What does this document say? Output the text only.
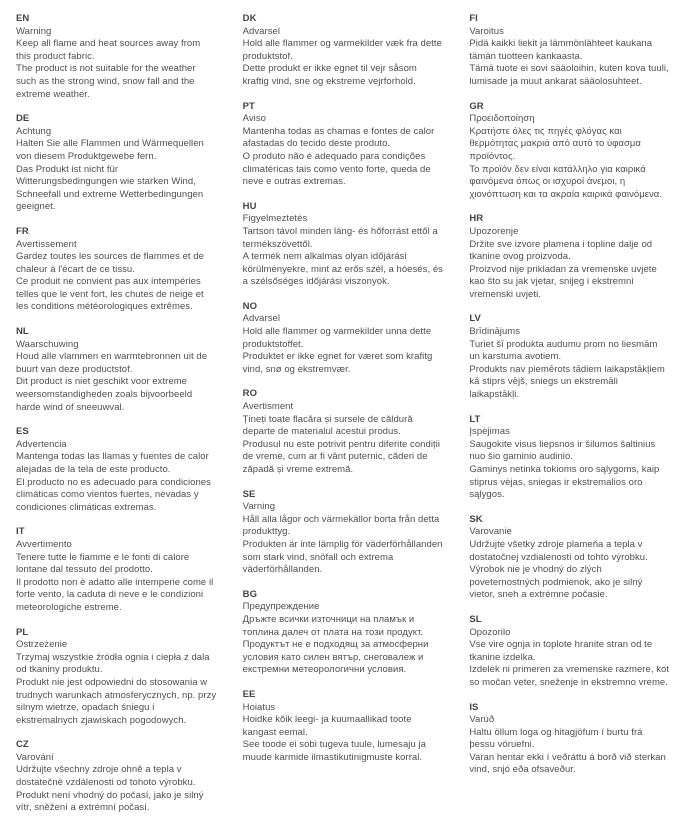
EN
Warning

Keep all flame and heat sources away from this product fabric.

The product is not suitable for the weather such as the strong wind, snow fall and the extreme weather.

DE
Achtung

Halten Sie alle Flammen und Wärmequellen von diesem Produktgewebe fern.

Das Produkt ist nicht für Witterungsbedingungen wie starken Wind, Schneefall und extreme Wetterbedingungen geeignet.

FR
Avertissement

Gardez toutes les sources de flammes et de chaleur à l'écart de ce tissu.

Ce produit ne convient pas aux intempéries telles que le vent fort, les chutes de neige et les conditions météorologiques extrêmes.

NL
Waarschuwing

Houd alle vlammen en warmtebronnen uit de buurt van deze productstof.

Dit product is niet geschikt voor extreme weersomstandigheden zoals bijvoorbeeld harde wind of sneeuwval.

ES
Advertencia

Mantenga todas las llamas y fuentes de calor alejadas de la tela de este producto.

El producto no es adecuado para condiciones climáticas como vientos fuertes, nevadas y condiciones climáticas extremas.

IT
Avvertimento

Tenere tutte le fiamme e le fonti di calore lontane dal tessuto del prodotto.

Il prodotto non è adatto alle intemperie come il forte vento, la caduta di neve e le condizioni meteorologiche estreme.

PL
Ostrzeżenie

Trzymaj wszystkie źródła ognia i ciepła z dala od tkaniny produktu.

Produkt nie jest odpowiedni do stosowania w trudnych warunkach atmosferycznych, np. przy silnym wietrze, opadach śniegu i ekstremalnych zjawiskach pogodowych.

CZ
Varování

Udržujte všechny zdroje ohně a tepla v dostatečné vzdálenosti od tohoto výrobku.

Produkt není vhodný do počasí, jako je silný vítr, sněžení a extrémní počasí.

DK
Advarsel

Hold alle flammer og varmekilder væk fra dette produktstof.

Dette produkt er ikke egnet til vejr såsom kraftig vind, sne og ekstreme vejrforhold.

PT
Aviso

Mantenha todas as chamas e fontes de calor afastadas do tecido deste produto.

O produto não é adequado para condições climatéricas tais como vento forte, queda de neve e outras extremas.

HU
Figyelmeztetés

Tartson távol minden láng- és hőforrást ettől a termékszövettől.

A termék nem alkalmas olyan időjárási körülményekre, mint az erős szél, a hóesés, és a szélsőséges időjárási viszonyok.

NO
Advarsel

Hold alle flammer og varmekilder unna dette produktstoffet.

Produktet er ikke egnet for været som krafitg vind, snø og ekstremvær.

RO
Avertisment

Țineți toate flacăra și sursele de căldură departe de materialul acestui produs.

Produsul nu este potrivit pentru diferite condiții de vreme, cum ar fi vânt puternic, căderi de zăpadă și vreme extremă.

SE
Varning

Håll alla lågor och värmekällor borta från detta produkttyg.

Produkten är inte lämplig för väderförhållanden som stark vind, snöfall och extrema väderförhållanden.

BG
Предупреждение

Дръжте всички източници на пламък и топлина далеч от плата на този продукт.

Продуктът не е подходящ за атмосферни условия като силен вятър, снеговалеж и екстремни метеорологични условия.

EE
Hoiatus

Hoidke kõik leegi- ja kuumaallikad toote kangast eemal.

See toode ei sobi tugeva tuule, lumesaju ja muude karmide ilmastikutinigmuste korral.

FI
Varoitus

Pidä kaikki liekit ja lämmönlähteet kaukana tämän tuotteen kankaasta.

Tämä tuote ei sovi sääoloihin, kuten kova tuuli, lumisade ja muut ankarat sääolosuhteet.

GR
Προειδοποίηση

Κρατήστε όλες τις πηγές φλόγας και θερμότητας μακριά από αυτό το ύφασμα προϊόντος.

Το προϊόν δεν είναι κατάλληλο για καιρικά φαινόμενα όπως οι ισχυροί άνεμοι, η χιονόπτωση και τα ακραία καιρικά φαινόμενα.

HR
Upozorenje

Držite sve izvore plamena i topline dalje od tkanine ovog proizvoda.

Proizvod nije prikladan za vremenske uvjete kao što su jak vjetar, snijeg i ekstremni vremenski uvjeti.

LV
Brīdinājums

Turiet šī produkta audumu prom no liesmām un karstuma avotiem.

Produkts nav piemērots tādiem laikapstākļiem kā stiprs vējš, sniegs un ekstremāli laikapstākļi.

LT
Įspėjimas

Saugokite visus liepsnos ir šilumos šaltinius nuo šio gaminio audinio.

Gaminys netinka tokioms oro sąlygoms, kaip stiprus vėjas, sniegas ir ekstremalios oro sąlygos.

SK
Varovanie

Udržujte všetky zdroje plameňa a tepla v dostatočnej vzdialenosti od tohto výrobku.

Výrobok nie je vhodný do zlých poveternostných podmienok, ako je silný vietor, sneh a extrémne počasie.

SL
Opozorilo

Vse vire ognja in toplote hranite stran od te tkanine izdelka.

Izdelek ni primeren za vremenske razmere, kot so močan veter, sneženje in ekstremno vreme.

IS
Varúð

Haltu öllum loga og hitagjöfum í burtu frá þessu vöruefni.

Varan hentar ekki í veðráttu á borð við sterkan vind, snjó eða ofsaveður.
